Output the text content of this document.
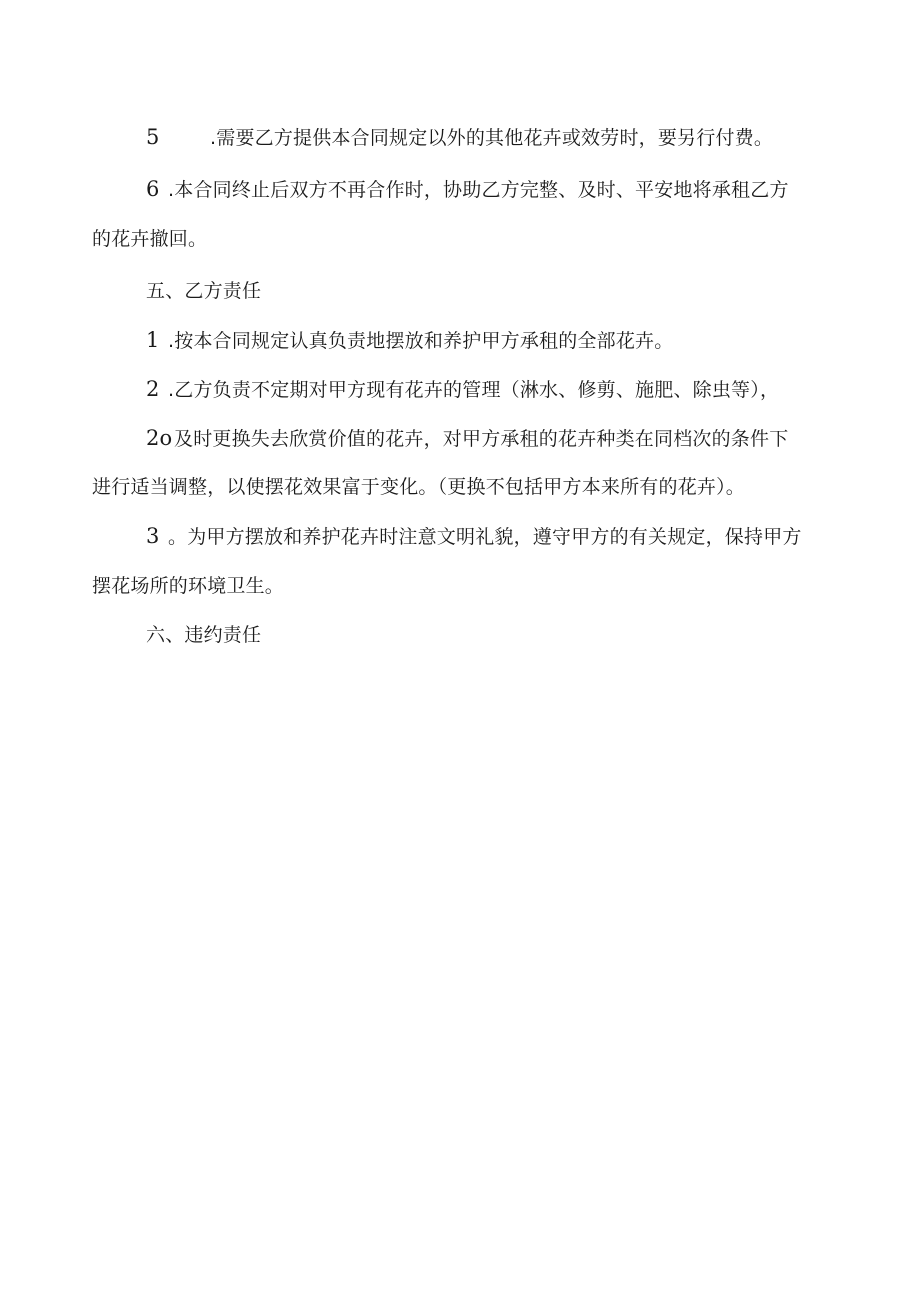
5	.需要乙方提供本合同规定以外的其他花卉或效劳时，要另行付费。
6 .本合同终止后双方不再合作时，协助乙方完整、及时、平安地将承租乙方
的花卉撤回。
五、乙方责任
1 .按本合同规定认真负责地摆放和养护甲方承租的全部花卉。
2 .乙方负责不定期对甲方现有花卉的管理（淋水、修剪、施肥、除虫等），
2o及时更换失去欣赏价值的花卉，对甲方承租的花卉种类在同档次的条件下
进行适当调整，以使摆花效果富于变化。（更换不包括甲方本来所有的花卉）。
3 。为甲方摆放和养护花卉时注意文明礼貌，遵守甲方的有关规定，保持甲方
摆花场所的环境卫生。
六、违约责任
